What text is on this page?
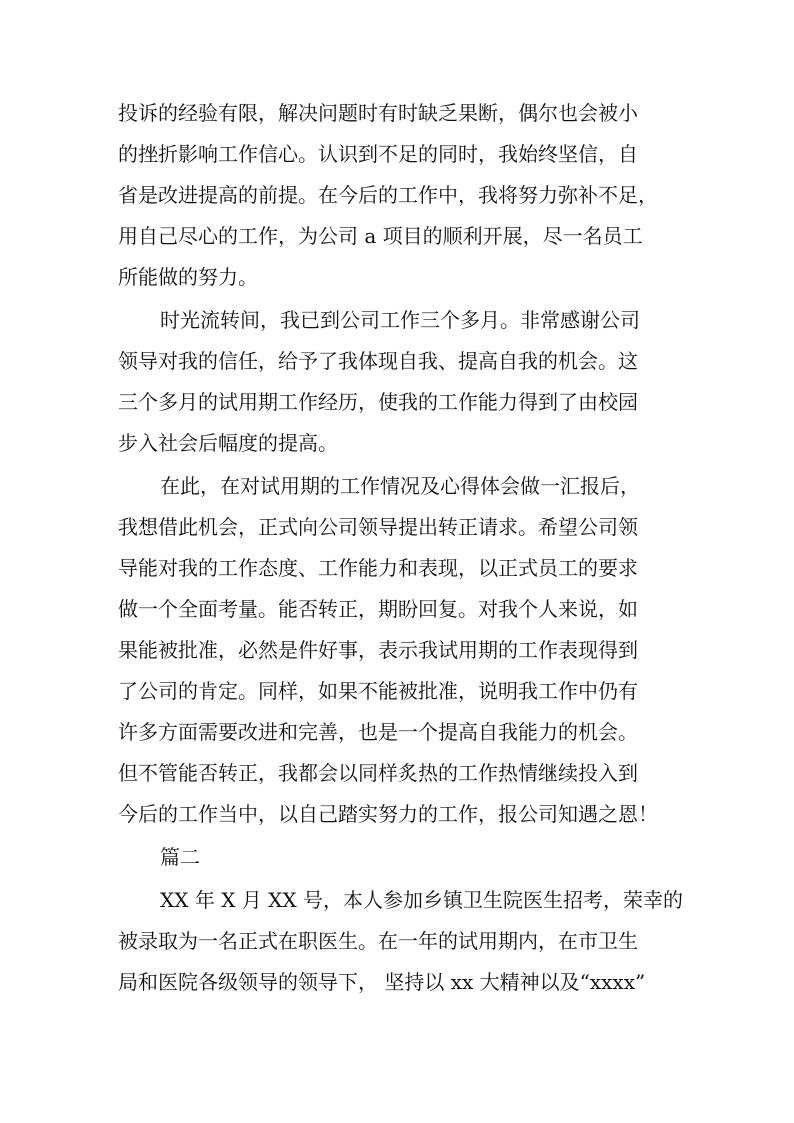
投诉的经验有限，解决问题时有时缺乏果断，偶尔也会被小

的挫折影响工作信心。认识到不足的同时，我始终坚信，自

省是改进提高的前提。在今后的工作中，我将努力弥补不足，

用自己尽心的工作，为公司 a 项目的顺利开展，尽一名员工

所能做的努力。

时光流转间，我已到公司工作三个多月。非常感谢公司

领导对我的信任，给予了我体现自我、提高自我的机会。这

三个多月的试用期工作经历，使我的工作能力得到了由校园

步入社会后幅度的提高。

在此，在对试用期的工作情况及心得体会做一汇报后，

我想借此机会，正式向公司领导提出转正请求。希望公司领

导能对我的工作态度、工作能力和表现，以正式员工的要求

做一个全面考量。能否转正，期盼回复。对我个人来说，如

果能被批准，必然是件好事，表示我试用期的工作表现得到

了公司的肯定。同样，如果不能被批准，说明我工作中仍有

许多方面需要改进和完善，也是一个提高自我能力的机会。

但不管能否转正，我都会以同样炙热的工作热情继续投入到

今后的工作当中，以自己踏实努力的工作，报公司知遇之恩！

篇二

XX 年 X 月 XX 号，本人参加乡镇卫生院医生招考，荣幸的

被录取为一名正式在职医生。在一年的试用期内，在市卫生

局和医院各级领导的领导下， 坚持以 xx 大精神以及“xxxx”
